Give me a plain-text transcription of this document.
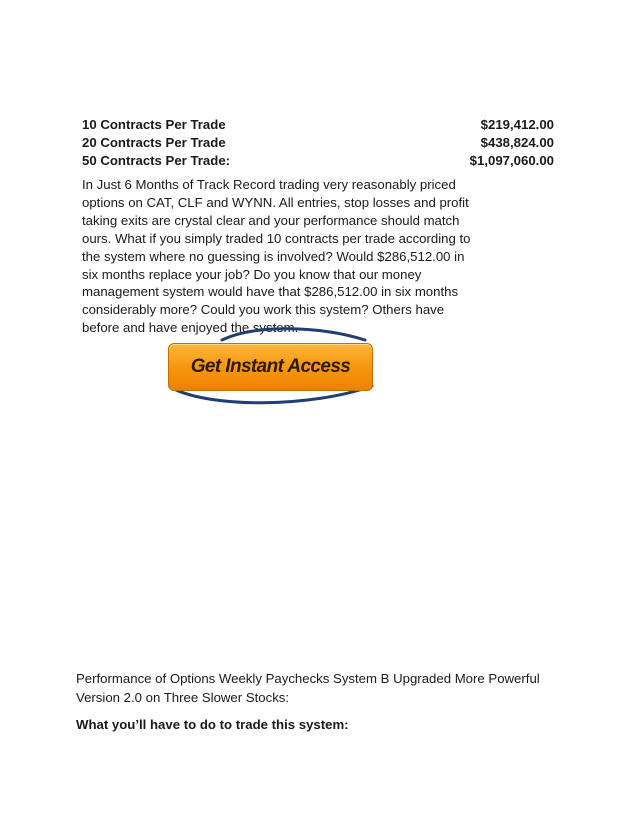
10 Contracts Per Trade	$219,412.00
20 Contracts Per Trade	$438,824.00
50 Contracts Per Trade:	$1,097,060.00

In Just 6 Months of Track Record trading very reasonably priced options on CAT, CLF and WYNN. All entries, stop losses and profit taking exits are crystal clear and your performance should match ours. What if you simply traded 10 contracts per trade according to the system where no guessing is involved? Would $286,512.00 in six months replace your job? Do you know that our money management system would have that $286,512.00 in six months considerably more? Could you work this system? Others have before and have enjoyed the system.

Get Instant Access

Performance of Options Weekly Paychecks System B Upgraded More Powerful Version 2.0 on Three Slower Stocks:

What you’ll have to do to trade this system:
